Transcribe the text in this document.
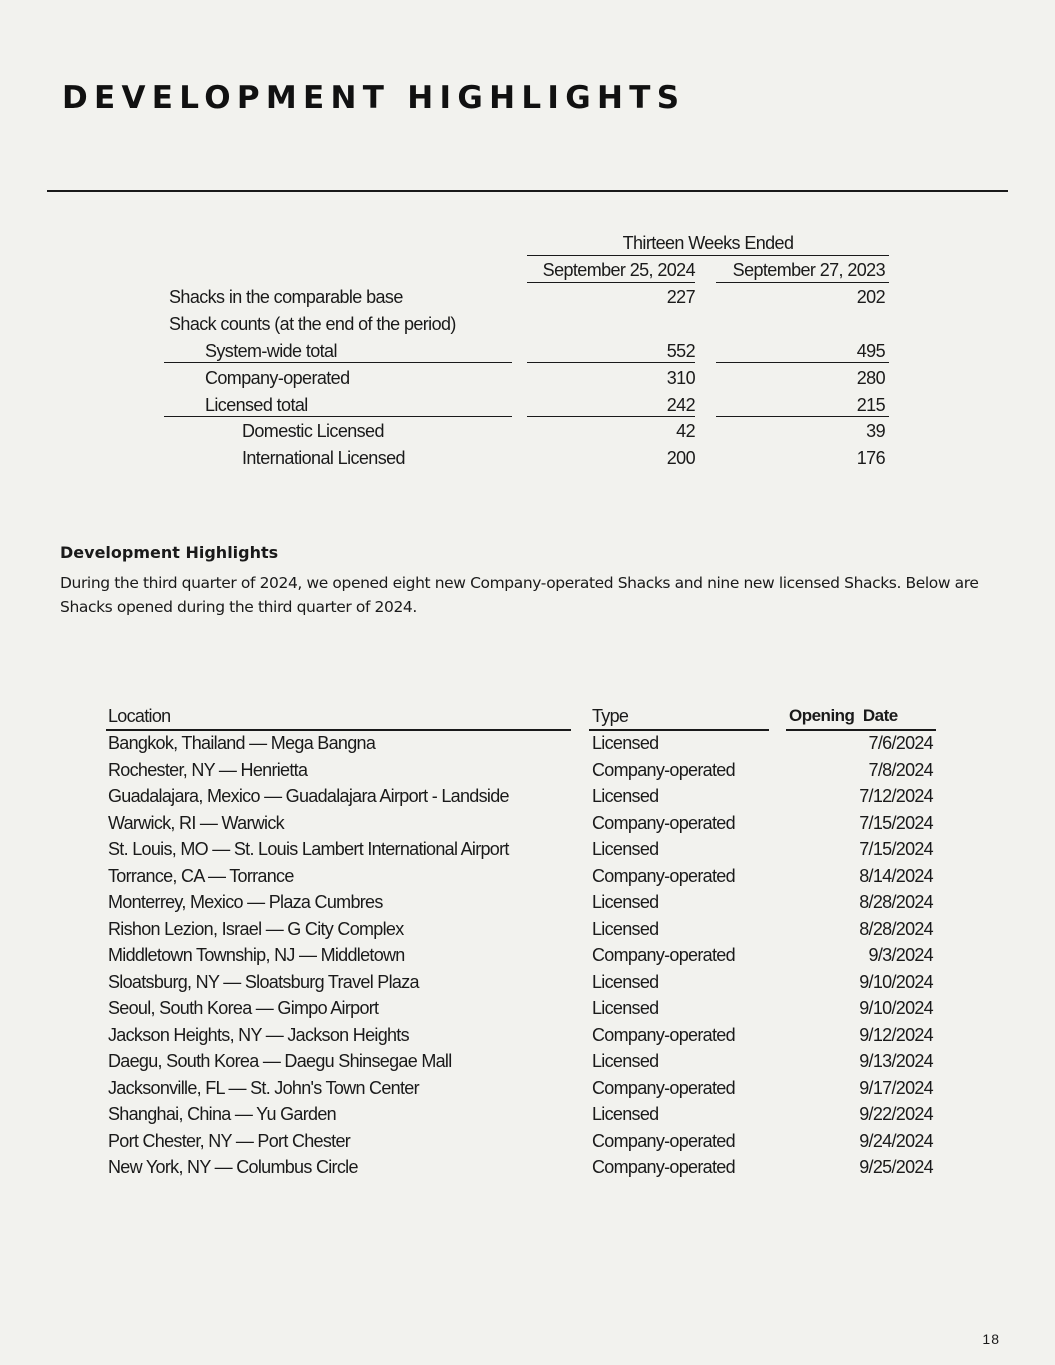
DEVELOPMENT HIGHLIGHTS
Thirteen Weeks Ended
September 25, 2024	September 27, 2023
Shacks in the comparable base	227	202
Shack counts (at the end of the period)
System-wide total	552	495
Company-operated	310	280
Licensed total	242	215
Domestic Licensed	42	39
International Licensed	200	176
Development Highlights

During the third quarter of 2024, we opened eight new Company-operated Shacks and nine new licensed Shacks. Below are Shacks opened during the third quarter of 2024.

Location	Type	Opening  Date
Bangkok, Thailand — Mega Bangna	Licensed	7/6/2024
Rochester, NY — Henrietta	Company-operated	7/8/2024
Guadalajara, Mexico — Guadalajara Airport - Landside	Licensed	7/12/2024
Warwick, RI — Warwick	Company-operated	7/15/2024
St. Louis, MO — St. Louis Lambert International Airport	Licensed	7/15/2024
Torrance, CA — Torrance	Company-operated	8/14/2024
Monterrey, Mexico — Plaza Cumbres	Licensed	8/28/2024
Rishon Lezion, Israel — G City Complex	Licensed	8/28/2024
Middletown Township, NJ — Middletown	Company-operated	9/3/2024
Sloatsburg, NY — Sloatsburg Travel Plaza	Licensed	9/10/2024
Seoul, South Korea — Gimpo Airport	Licensed	9/10/2024
Jackson Heights, NY — Jackson Heights	Company-operated	9/12/2024
Daegu, South Korea — Daegu Shinsegae Mall	Licensed	9/13/2024
Jacksonville, FL — St. John's Town Center	Company-operated	9/17/2024
Shanghai, China — Yu Garden	Licensed	9/22/2024
Port Chester, NY — Port Chester	Company-operated	9/24/2024
New York, NY — Columbus Circle	Company-operated	9/25/2024
18
